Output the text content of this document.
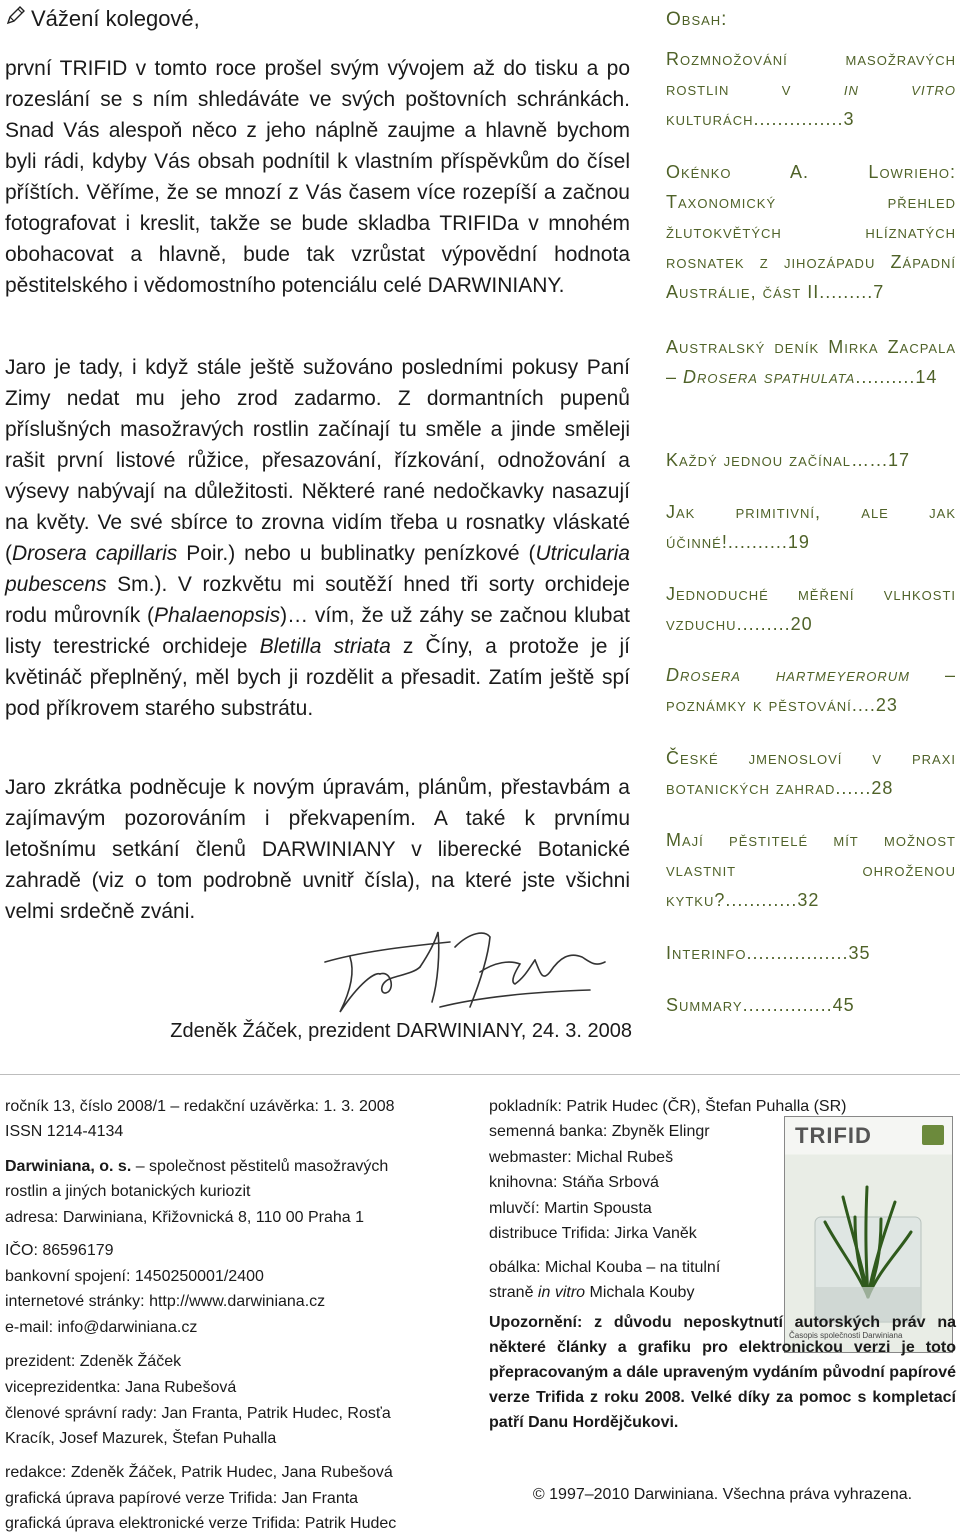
Vážení kolegové,

první TRIFID v tomto roce prošel svým vývojem až do tisku a po rozeslání se s ním shledáváte ve svých poštovních schránkách. Snad Vás alespoň něco z jeho náplně zaujme a hlavně bychom byli rádi, kdyby Vás obsah podnítil k vlastním příspěvkům do čísel příštích. Věříme, že se mnozí z Vás časem více rozepíší a začnou fotografovat i kreslit, takže se bude skladba TRIFIDa v mnohém obohacovat a hlavně, bude tak vzrůstat výpovědní hodnota pěstitelského i vědomostního potenciálu celé DARWINIANY.

Jaro je tady, i když stále ještě sužováno posledními pokusy Paní Zimy nedat mu jeho zrod zadarmo. Z dormantních pupenů příslušných masožravých rostlin začínají tu směle a jinde směleji rašit první listové růžice, přesazování, řízkování, odnožování a výsevy nabývají na důležitosti. Některé rané nedočkavky nasazují na květy. Ve své sbírce to zrovna vidím třeba u rosnatky vláskaté (Drosera capillaris Poir.) nebo u bublinatky penízkové (Utricularia pubescens Sm.). V rozkvětu mi soutěží hned tři sorty orchideje rodu můrovník (Phalaenopsis)… vím, že už záhy se začnou klubat listy terestrické orchideje Bletilla striata z Číny, a protože je jí květináč přeplněný, měl bych ji rozdělit a přesadit. Zatím ještě spí pod příkrovem starého substrátu.

Jaro zkrátka podněcuje k novým úpravám, plánům, přestavbám a zajímavým pozorováním i překvapením. A také k prvnímu letošnímu setkání členů DARWINIANY v liberecké Botanické zahradě (viz o tom podrobně uvnitř čísla), na které jste všichni velmi srdečně zváni.

Zdeněk Žáček, prezident DARWINIANY, 24. 3. 2008
Obsah:
Rozmnožování masožravých rostlin v in vitro kulturách...............3
Okénko A. Lowrieho: Taxonomický přehled žlutokvětých hlíznatých rosnatek z jihozápadu Západní Austrálie, část II.........7
Australský deník Mirka Zacpala – Drosera spathulata..........14
Každý jednou začínal…...17
Jak primitivní, ale jak účinné!..........19
Jednoduché měření vlhkosti vzduchu.........20
Drosera hartmeyerorum – poznámky k pěstování....23
České jmenosloví v praxi botanických zahrad......28
Mají pěstitelé mít možnost vlastnit ohroženou kytku?............32
Interinfo.................35
Summary...............45
ročník 13, číslo 2008/1 – redakční uzávěrka: 1. 3. 2008
ISSN 1214-4134
Darwiniana, o. s. – společnost pěstitelů masožravých
rostlin a jiných botanických kuriozit
adresa: Darwiniana, Křižovnická 8, 110 00 Praha 1
IČO: 86596179
bankovní spojení: 1450250001/2400
internetové stránky: http://www.darwiniana.cz
e-mail: info@darwiniana.cz
prezident: Zdeněk Žáček
viceprezidentka: Jana Rubešová
členové správní rady: Jan Franta, Patrik Hudec, Rosťa
Kracík, Josef Mazurek, Štefan Puhalla
redakce: Zdeněk Žáček, Patrik Hudec, Jana Rubešová
grafická úprava papírové verze Trifida: Jan Franta
grafická úprava elektronické verze Trifida: Patrik Hudec
pokladník: Patrik Hudec (ČR), Štefan Puhalla (SR)
semenná banka: Zbyněk Elingr
webmaster: Michal Rubeš
knihovna: Stáňa Srbová
mluvčí: Martin Spousta
distribuce Trifida: Jirka Vaněk
obálka: Michal Kouba – na titulní
straně in vitro Michala Kouby
TRIFID
Časopis společnosti Darwiniana

Upozornění: z důvodu neposkytnutí autorských práv na některé články a grafiku pro elektronickou verzi je toto přepracovaným a dále upraveným vydáním původní papírové verze Trifida z roku 2008. Velké díky za pomoc s kompletací patří Danu Hordějčukovi.

© 1997–2010 Darwiniana. Všechna práva vyhrazena.
